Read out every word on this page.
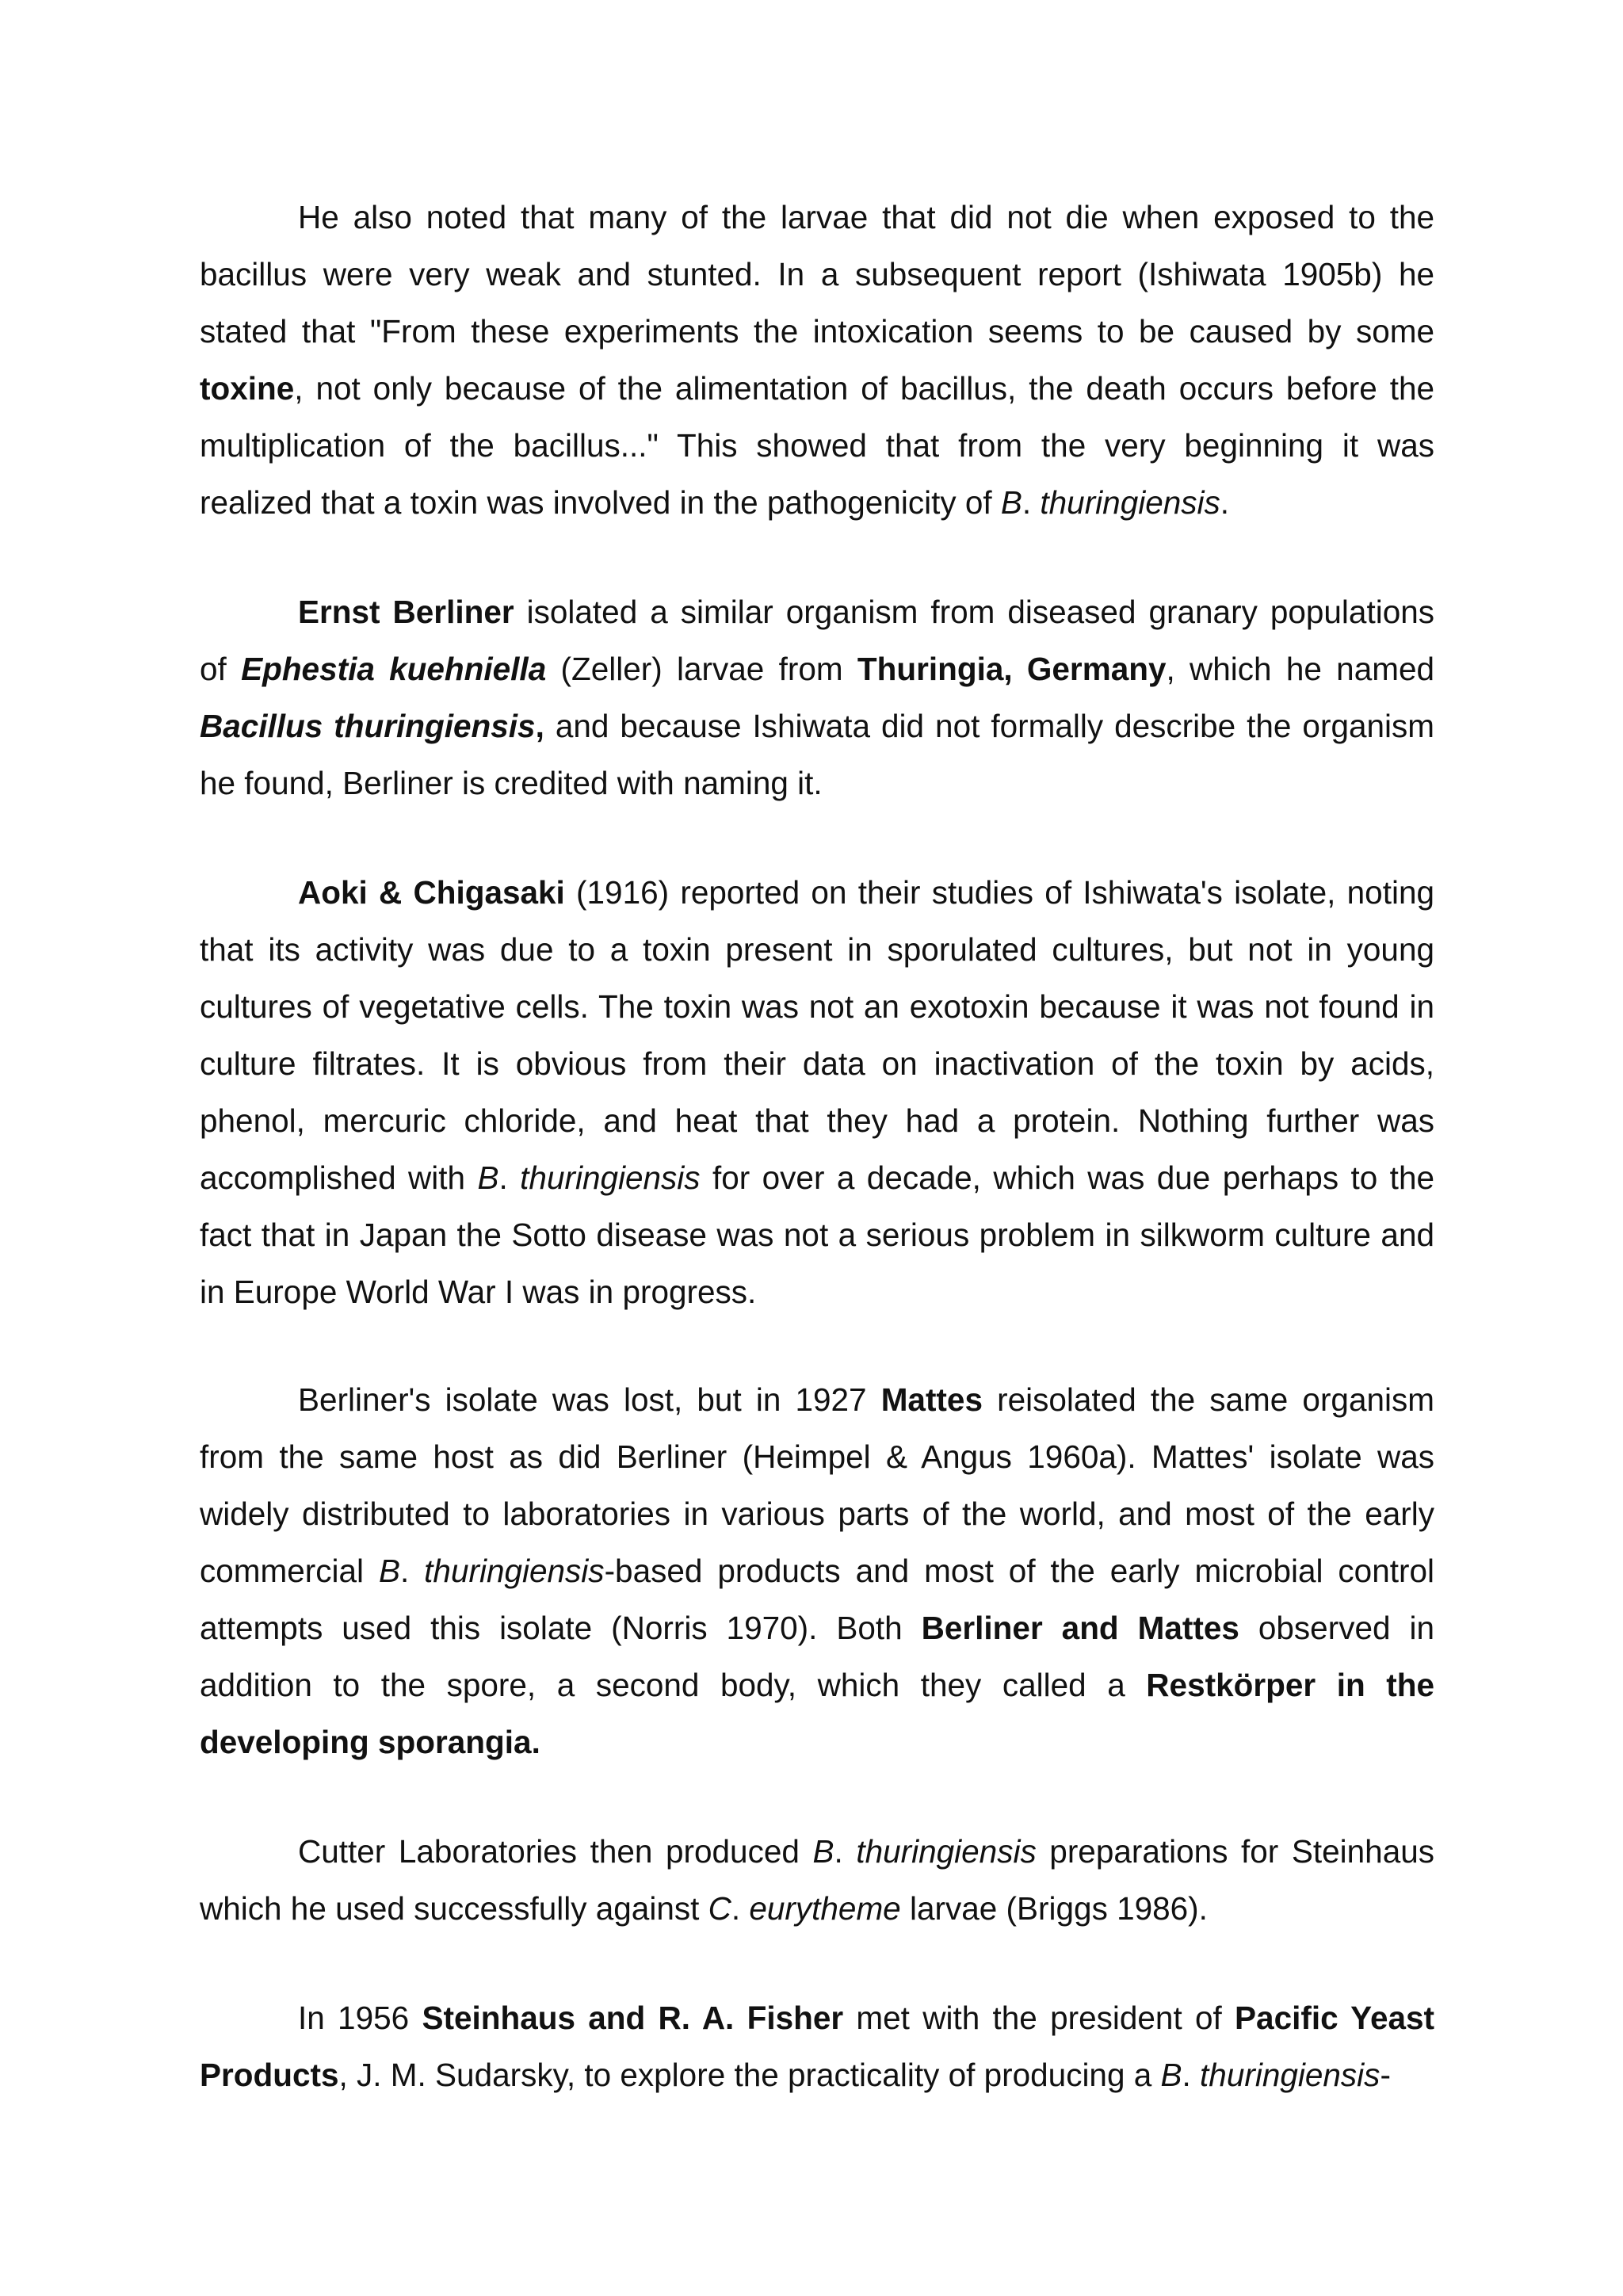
He also noted that many of the larvae that did not die when exposed to the bacillus were very weak and stunted. In a subsequent report (Ishiwata 1905b) he stated that "From these experiments the intoxication seems to be caused by some toxine, not only because of the alimentation of bacillus, the death occurs before the multiplication of the bacillus..." This showed that from the very beginning it was realized that a toxin was involved in the pathogenicity of B. thuringiensis.

Ernst Berliner isolated a similar organism from diseased granary populations of Ephestia kuehniella (Zeller) larvae from Thuringia, Germany, which he named Bacillus thuringiensis, and because Ishiwata did not formally describe the organism he found, Berliner is credited with naming it.

Aoki & Chigasaki (1916) reported on their studies of Ishiwata's isolate, noting that its activity was due to a toxin present in sporulated cultures, but not in young cultures of vegetative cells. The toxin was not an exotoxin because it was not found in culture filtrates. It is obvious from their data on inactivation of the toxin by acids, phenol, mercuric chloride, and heat that they had a protein. Nothing further was accomplished with B. thuringiensis for over a decade, which was due perhaps to the fact that in Japan the Sotto disease was not a serious problem in silkworm culture and in Europe World War I was in progress.

Berliner's isolate was lost, but in 1927 Mattes reisolated the same organism from the same host as did Berliner (Heimpel & Angus 1960a). Mattes' isolate was widely distributed to laboratories in various parts of the world, and most of the early commercial B. thuringiensis-based products and most of the early microbial control attempts used this isolate (Norris 1970). Both Berliner and Mattes observed in addition to the spore, a second body, which they called a Restkörper in the developing sporangia.

Cutter Laboratories then produced B. thuringiensis preparations for Steinhaus which he used successfully against C. eurytheme larvae (Briggs 1986).

In 1956 Steinhaus and R. A. Fisher met with the president of Pacific Yeast Products, J. M. Sudarsky, to explore the practicality of producing a B. thuringiensis-
